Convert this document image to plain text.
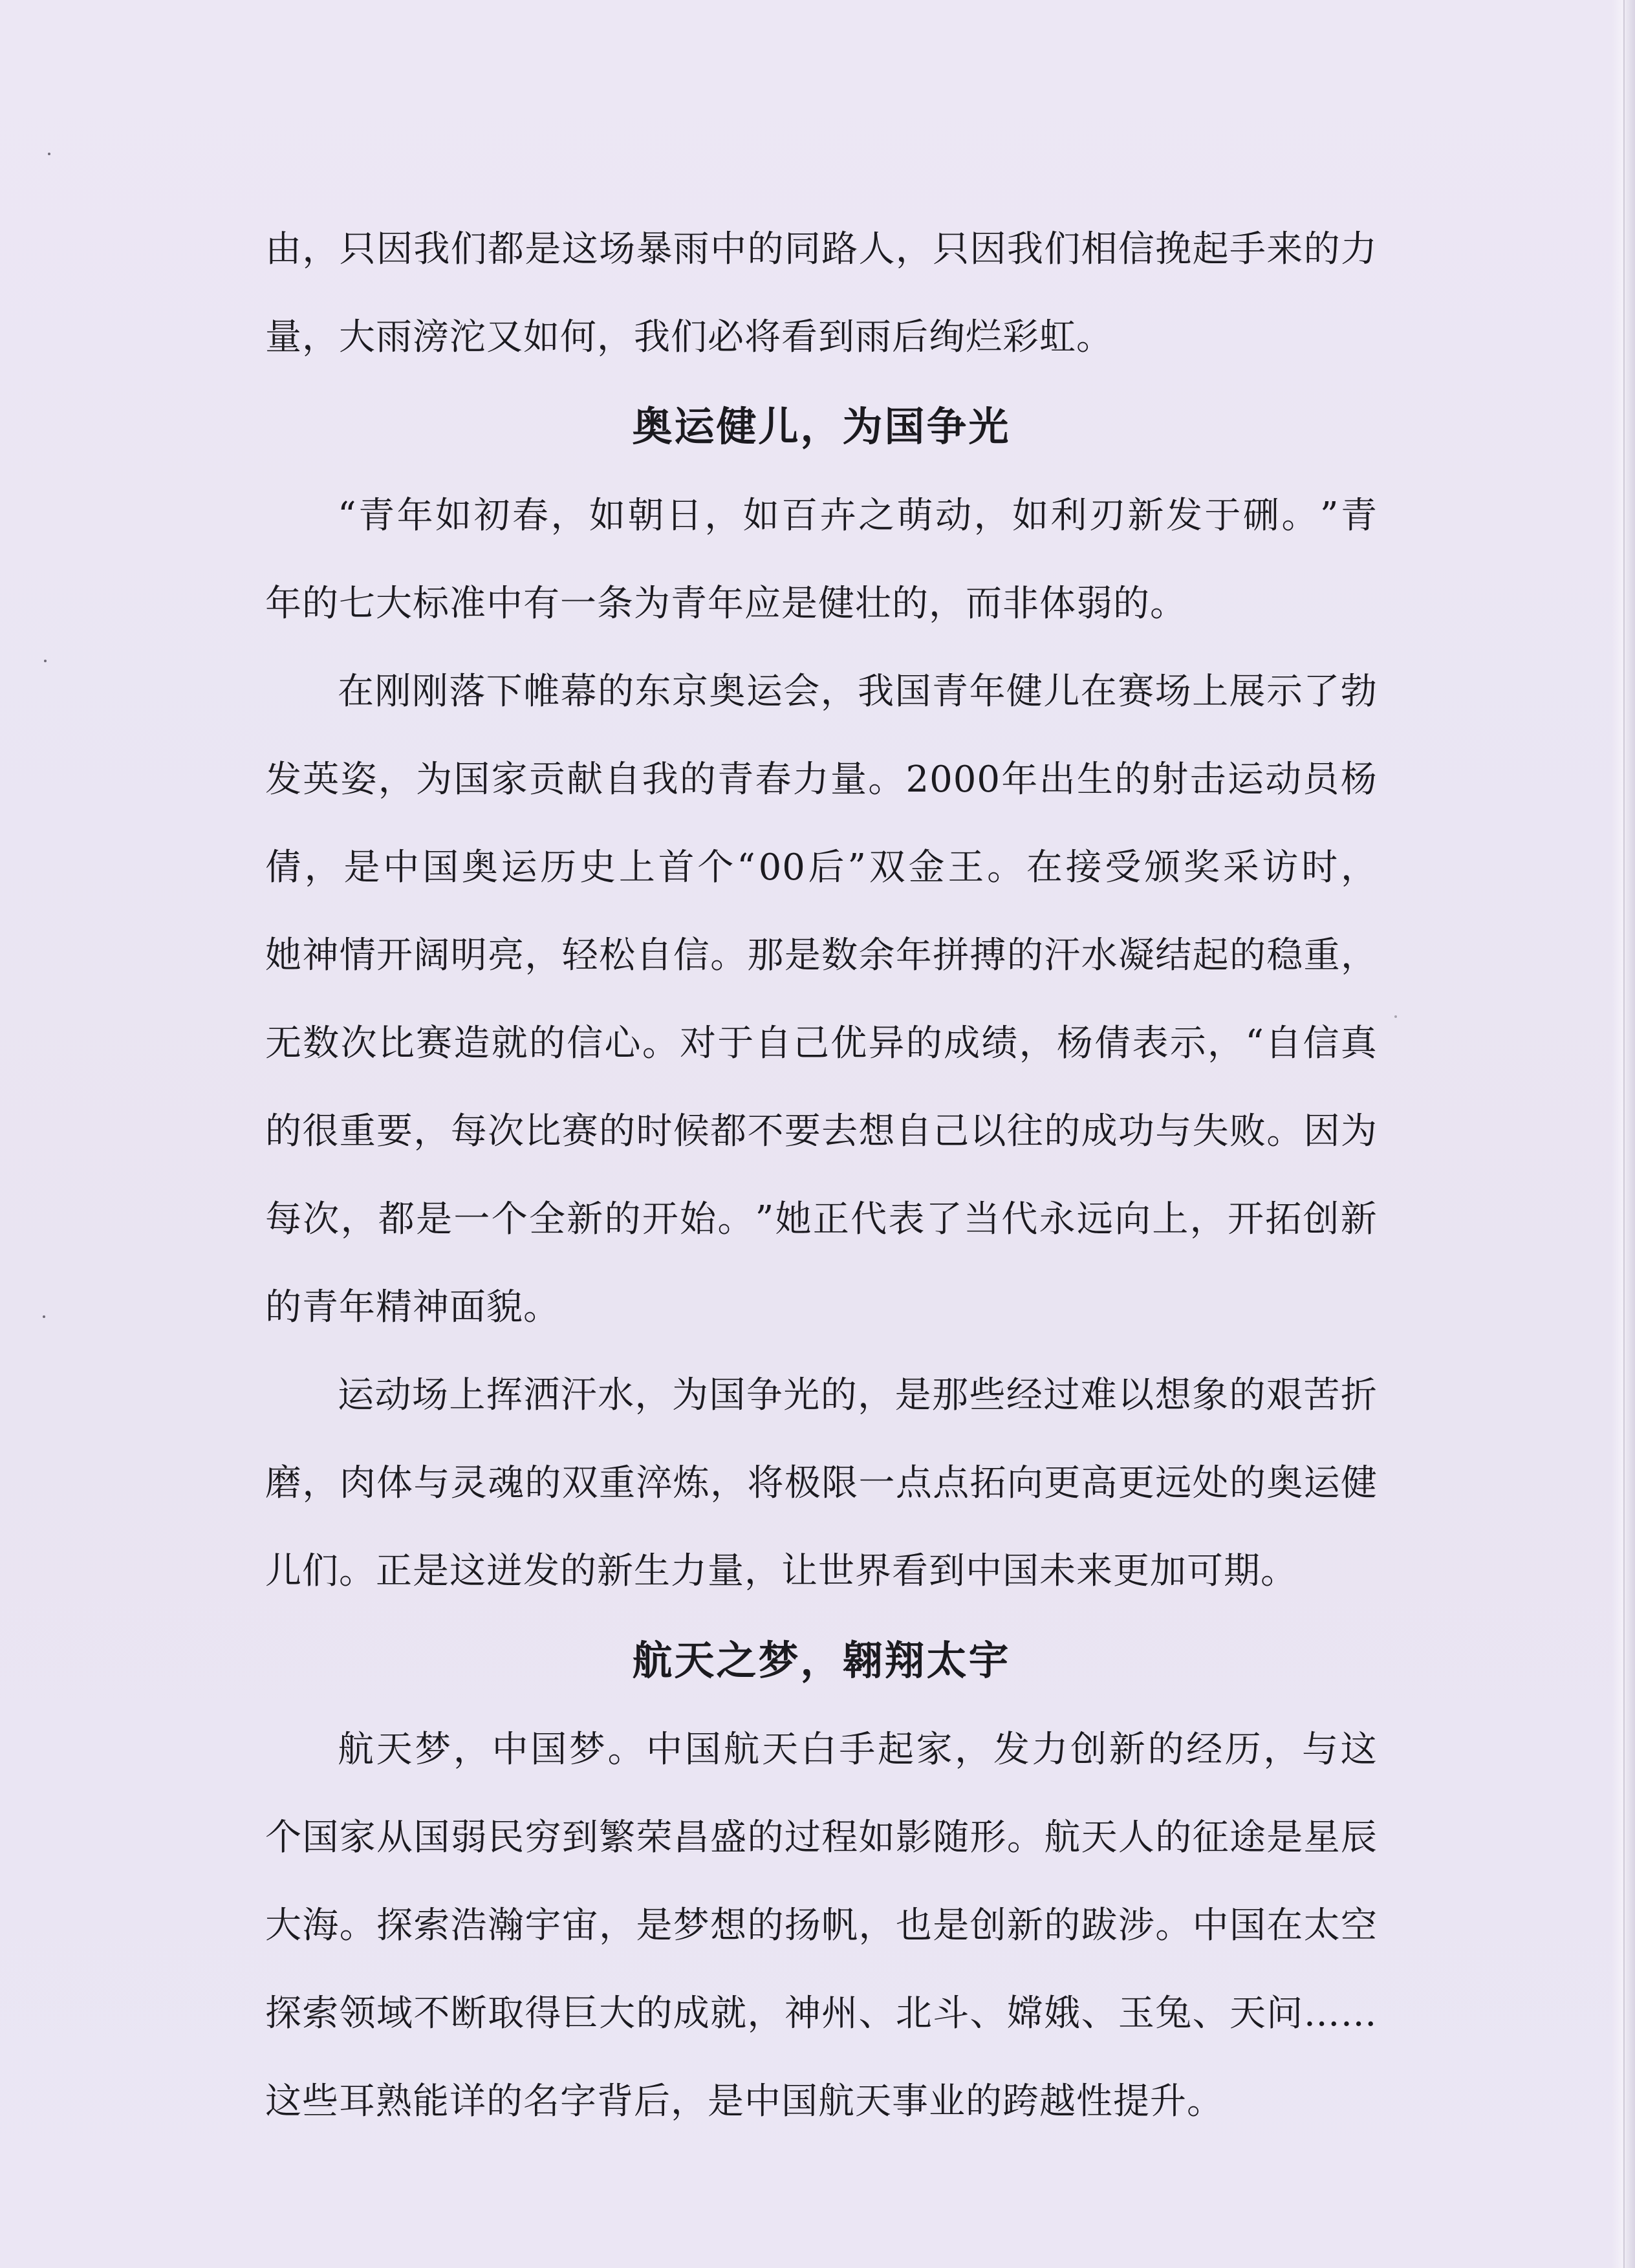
由 ， 只 因 我 们 都 是 这 场 暴 雨 中 的 同 路 人 ， 只 因 我 们 相 信 挽 起 手 来 的 力
量，大雨滂沱又如何，我们必将看到雨后绚烂彩虹。
奥运健儿，为国争光
“ 青 年 如 初 春 ， 如 朝 日 ， 如 百 卉 之 萌 动 ， 如 利 刃 新 发 于 硎 。 ” 青
年的七大标准中有一条为青年应是健壮的，而非体弱的。
在 刚 刚 落 下 帷 幕 的 东 京 奥 运 会 ， 我 国 青 年 健 儿 在 赛 场 上 展 示 了 勃
发 英 姿 ， 为 国 家 贡 献 自 我 的 青 春 力 量 。 2000 年 出 生 的 射 击 运 动 员 杨
倩 ， 是 中 国 奥 运 历 史 上 首 个 “ 00 后 ” 双 金 王 。 在 接 受 颁 奖 采 访 时 ，
她 神 情 开 阔 明 亮 ， 轻 松 自 信 。 那 是 数 余 年 拼 搏 的 汗 水 凝 结 起 的 稳 重 ，
无 数 次 比 赛 造 就 的 信 心 。 对 于 自 己 优 异 的 成 绩 ， 杨 倩 表 示 ， “ 自 信 真
的 很 重 要 ， 每 次 比 赛 的 时 候 都 不 要 去 想 自 己 以 往 的 成 功 与 失 败 。 因 为
每 次 ， 都 是 一 个 全 新 的 开 始 。 ” 她 正 代 表 了 当 代 永 远 向 上 ， 开 拓 创 新
的青年精神面貌。
运 动 场 上 挥 洒 汗 水 ， 为 国 争 光 的 ， 是 那 些 经 过 难 以 想 象 的 艰 苦 折
磨 ， 肉 体 与 灵 魂 的 双 重 淬 炼 ， 将 极 限 一 点 点 拓 向 更 高 更 远 处 的 奥 运 健
儿们。正是这迸发的新生力量，让世界看到中国未来更加可期。
航天之梦，翱翔太宇
航 天 梦 ， 中 国 梦 。 中 国 航 天 白 手 起 家 ， 发 力 创 新 的 经 历 ， 与 这
个 国 家 从 国 弱 民 穷 到 繁 荣 昌 盛 的 过 程 如 影 随 形 。 航 天 人 的 征 途 是 星 辰
大 海 。 探 索 浩 瀚 宇 宙 ， 是 梦 想 的 扬 帆 ， 也 是 创 新 的 跋 涉 。 中 国 在 太 空
探 索 领 域 不 断 取 得 巨 大 的 成 就 ， 神 州 、 北 斗 、 嫦 娥 、 玉 兔 、 天 问 ……
这些耳熟能详的名字背后，是中国航天事业的跨越性提升。
